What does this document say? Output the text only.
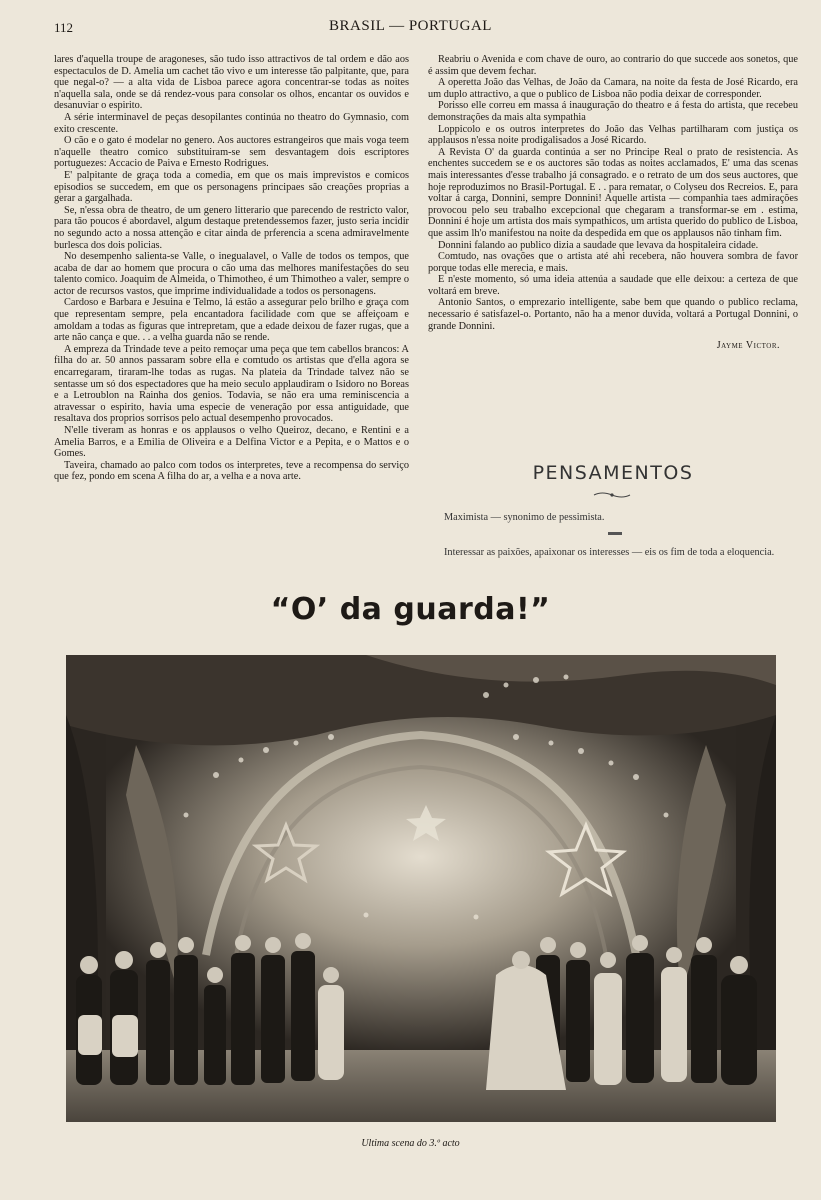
112	BRASIL — PORTUGAL

lares d'aquella troupe de aragoneses, são tudo isso attractivos de tal ordem e dão aos espectaculos de D. Amelia um cachet tão vivo e um interesse tão palpitante, que, para que negal-o? — a alta vida de Lisboa parece agora concentrar-se todas as noites n'aquella sala, onde se dá rendez-vous para consolar os olhos, encantar os ouvidos e desanuviar o espirito.

A série interminavel de peças desopilantes continúa no theatro do Gymnasio, com exito crescente.

O cão e o gato é modelar no genero. Aos auctores estrangeiros que mais voga teem n'aquelle theatro comico substituiram-se sem desvantagem dois escriptores portuguezes: Accacio de Paiva e Ernesto Rodrigues.

E' palpitante de graça toda a comedia, em que os mais imprevistos e comicos episodios se succedem, em que os personagens principaes são creações proprias a gerar a gargalhada.

Se, n'essa obra de theatro, de um genero litterario que parecendo de restricto valor, para tão poucos é abordavel, algum destaque pretendessemos fazer, justo seria incidir no segundo acto a nossa attenção e citar ainda de prferencia a scena admiravelmente burlesca dos dois policias.

No desempenho salienta-se Valle, o inegualavel, o Valle de todos os tempos, que acaba de dar ao homem que procura o cão uma das melhores manifestações do seu talento comico. Joaquim de Almeida, o Thimotheo, é um Thimotheo a valer, sempre o actor de recursos vastos, que imprime individualidade a todos os personagens.

Cardoso e Barbara e Jesuina e Telmo, lá estão a assegurar pelo brilho e graça com que representam sempre, pela encantadora facilidade com que se affeiçoam e amoldam a todas as figuras que intrepretam, que a edade deixou de fazer rugas, que a arte não cança e que. . . a velha guarda não se rende.

A empreza da Trindade teve a peito remoçar uma peça que tem cabellos brancos: A filha do ar. 50 annos passaram sobre ella e comtudo os artistas que d'ella agora se encarregaram, tiraram-lhe todas as rugas. Na plateia da Trindade talvez não se sentasse um só dos espectadores que ha meio seculo applaudiram o Isidoro no Boreas e a Letroublon na Rainha dos genios. Todavia, se não era uma reminiscencia a atravessar o espirito, havia uma especie de veneração por essa antiguidade, que resaltava dos proprios sorrisos pelo actual desempenho provocados.

N'elle tiveram as honras e os applausos o velho Queiroz, decano, e Rentini e a Amelia Barros, e a Emilia de Oliveira e a Delfina Victor e a Pepita, e o Mattos e o Gomes.

Taveira, chamado ao palco com todos os interpretes, teve a recompensa do serviço que fez, pondo em scena A filha do ar, a velha e a nova arte.

Reabriu o Avenida e com chave de ouro, ao contrario do que succede aos sonetos, que é assim que devem fechar.

A operetta João das Velhas, de João da Camara, na noite da festa de José Ricardo, era um duplo attractivo, a que o publico de Lisboa não podia deixar de corresponder.

Porisso elle correu em massa á inauguração do theatro e á festa do artista, que recebeu demonstrações da mais alta sympathia

Loppicolo e os outros interpretes do João das Velhas partilharam com justiça os applausos n'essa noite prodigalisados a José Ricardo.

A Revista O' da guarda continúa a ser no Principe Real o prato de resistencia. As enchentes succedem se e os auctores são todas as noites acclamados, E' uma das scenas mais interessantes d'esse trabalho já consagrado. e o retrato de um dos seus auctores, que hoje reproduzimos no Brasil-Portugal. E . . para rematar, o Colyseu dos Recreios. E, para voltar á carga, Donnini, sempre Donnini! Aquelle artista — companhia taes admirações provocou pelo seu trabalho excepcional que chegaram a transformar-se em . estima, Donnini é hoje um artista dos mais sympathicos, um artista querido do publico de Lisboa, que assim lh'o manifestou na noite da despedida em que os applausos não tinham fim.

Donnini falando ao publico dizia a saudade que levava da hospitaleira cidade.

Comtudo, nas ovações que o artista até ahi recebera, não houvera sombra de favor porque todas elle merecia, e mais.

E n'este momento, só uma ideia attenúa a saudade que elle deixou: a certeza de que voltará em breve.

Antonio Santos, o emprezario intelligente, sabe bem que quando o publico reclama, necessario é satisfazel-o. Portanto, não ha a menor duvida, voltará a Portugal Donnini, o grande Donnini.

Jayme Victor.
PENSAMENTOS

Maximista — synonimo de pessimista.

Interessar as paixões, apaixonar os interesses — eis os fim de toda a eloquencia.

“O’ da guarda!”
Ultima scena do 3.º acto
